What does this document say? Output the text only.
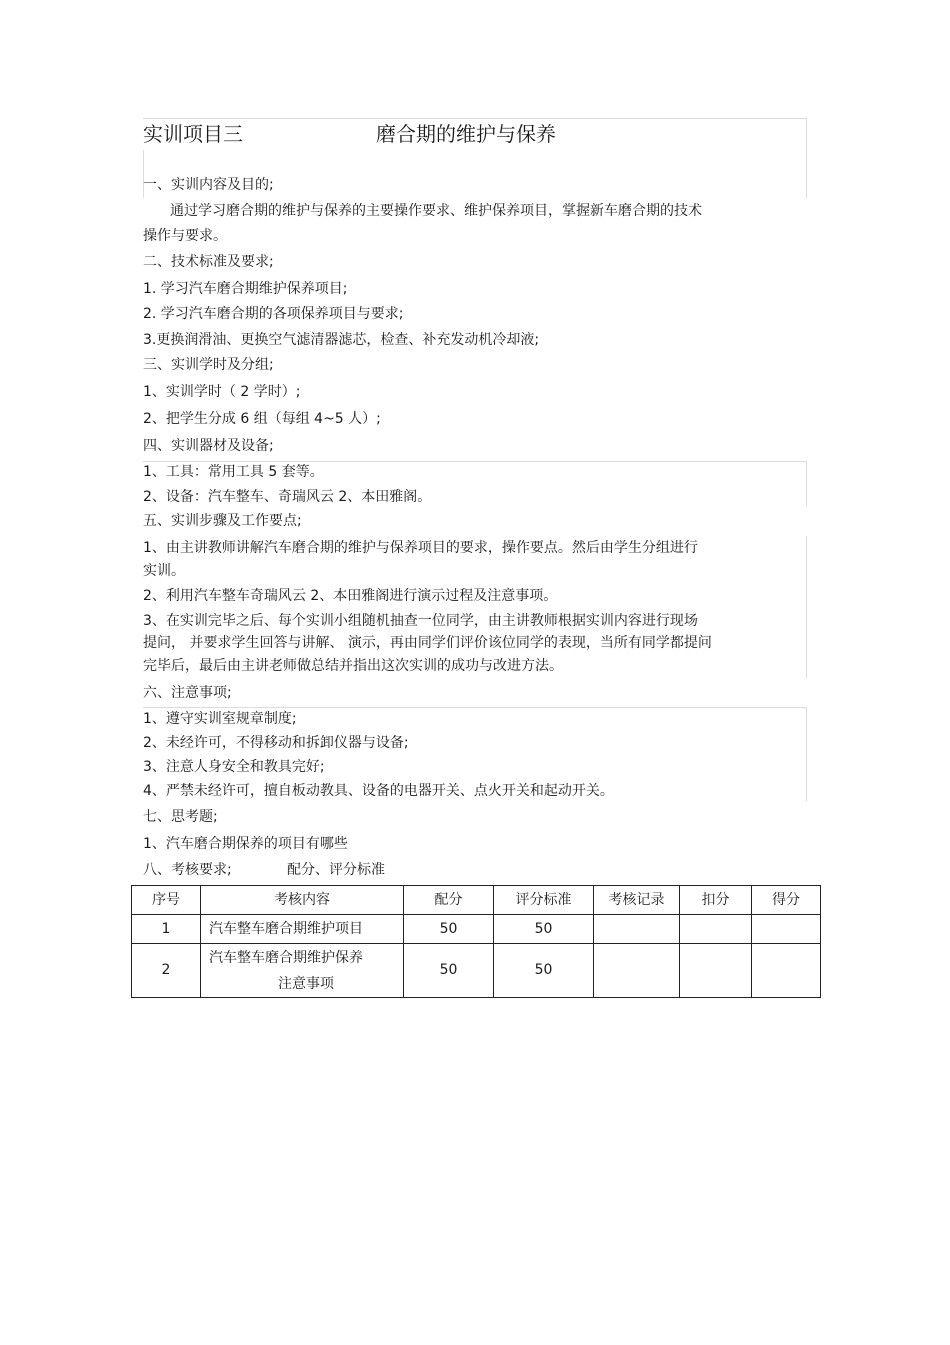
实训项目三	磨合期的维护与保养
一、实训内容及目的;
通过学习磨合期的维护与保养的主要操作要求、维护保养项目，掌握新车磨合期的技术
操作与要求。
二、技术标准及要求;
1. 学习汽车磨合期维护保养项目;
2. 学习汽车磨合期的各项保养项目与要求;
3.更换润滑油、更换空气滤清器滤芯，检查、补充发动机冷却液;
三、实训学时及分组;
1、实训学时（ 2 学时）;
2、把学生分成 6 组（每组 4~5 人）;
四、实训器材及设备;
1、工具：常用工具 5 套等。
2、设备：汽车整车、奇瑞风云 2、本田雅阁。
五、实训步骤及工作要点;
1、由主讲教师讲解汽车磨合期的维护与保养项目的要求，操作要点。然后由学生分组进行
实训。
2、利用汽车整车奇瑞风云 2、本田雅阁进行演示过程及注意事项。
3、在实训完毕之后、每个实训小组随机抽查一位同学，由主讲教师根据实训内容进行现场
提问， 并要求学生回答与讲解、 演示，再由同学们评价该位同学的表现，当所有同学都提问
完毕后，最后由主讲老师做总结并指出这次实训的成功与改进方法。
六、注意事项;
1、遵守实训室规章制度;
2、未经许可，不得移动和拆卸仪器与设备;
3、注意人身安全和教具完好;
4、严禁未经许可，擅自板动教具、设备的电器开关、点火开关和起动开关。
七、思考题;
1、汽车磨合期保养的项目有哪些
八、考核要求;	配分、评分标准
序号	考核内容	配分	评分标准	考核记录	扣分	得分
1	汽车整车磨合期维护项目	50	50			
2	汽车整车磨合期维护保养
注意事项	50	50			
